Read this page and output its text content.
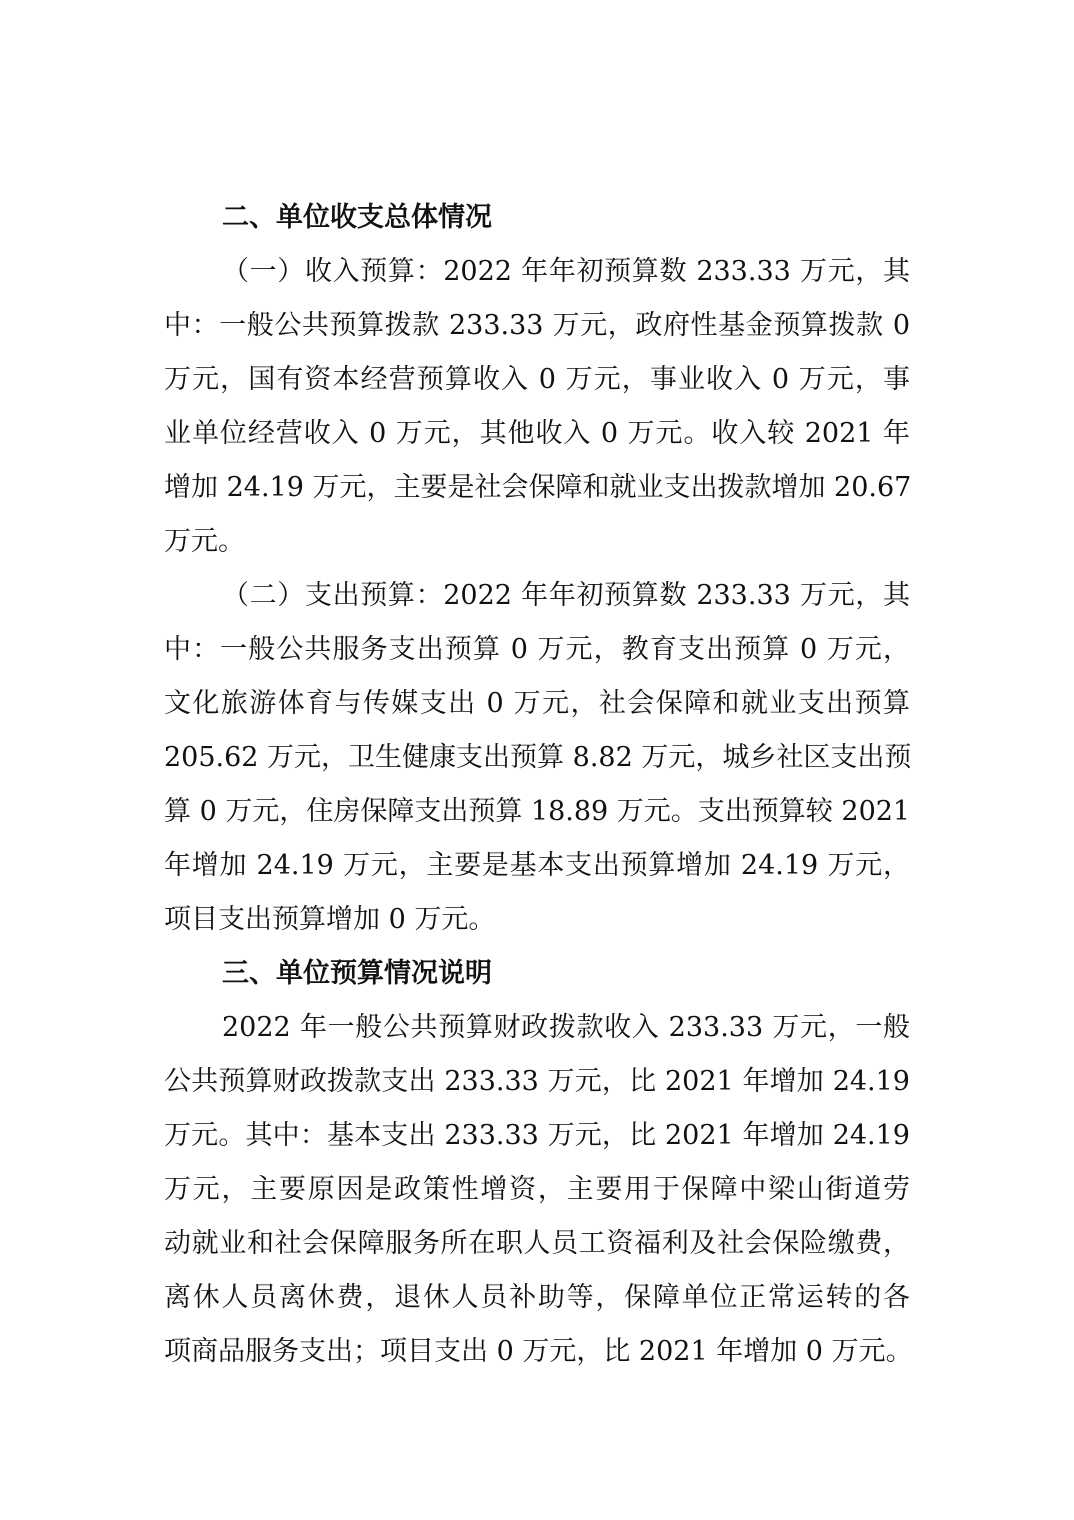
二、单位收支总体情况
（一）收入预算：2022 年年初预算数 233.33 万元，其
中：一般公共预算拨款 233.33 万元，政府性基金预算拨款 0
万元，国有资本经营预算收入 0 万元，事业收入 0 万元，事
业单位经营收入 0 万元，其他收入 0 万元。收入较 2021 年
增加 24.19 万元，主要是社会保障和就业支出拨款增加 20.67
万元。
（二）支出预算：2022 年年初预算数 233.33 万元，其
中：一般公共服务支出预算 0 万元，教育支出预算 0 万元，
文化旅游体育与传媒支出 0 万元，社会保障和就业支出预算
205.62 万元，卫生健康支出预算 8.82 万元，城乡社区支出预
算 0 万元，住房保障支出预算 18.89 万元。支出预算较 2021
年增加 24.19 万元，主要是基本支出预算增加 24.19 万元，
项目支出预算增加 0 万元。
三、单位预算情况说明
2022 年一般公共预算财政拨款收入 233.33 万元，一般
公共预算财政拨款支出 233.33 万元，比 2021 年增加 24.19
万元。其中：基本支出 233.33 万元，比 2021 年增加 24.19
万元，主要原因是政策性增资，主要用于保障中梁山街道劳
动就业和社会保障服务所在职人员工资福利及社会保险缴费，
离休人员离休费，退休人员补助等，保障单位正常运转的各
项商品服务支出；项目支出 0 万元，比 2021 年增加 0 万元。
